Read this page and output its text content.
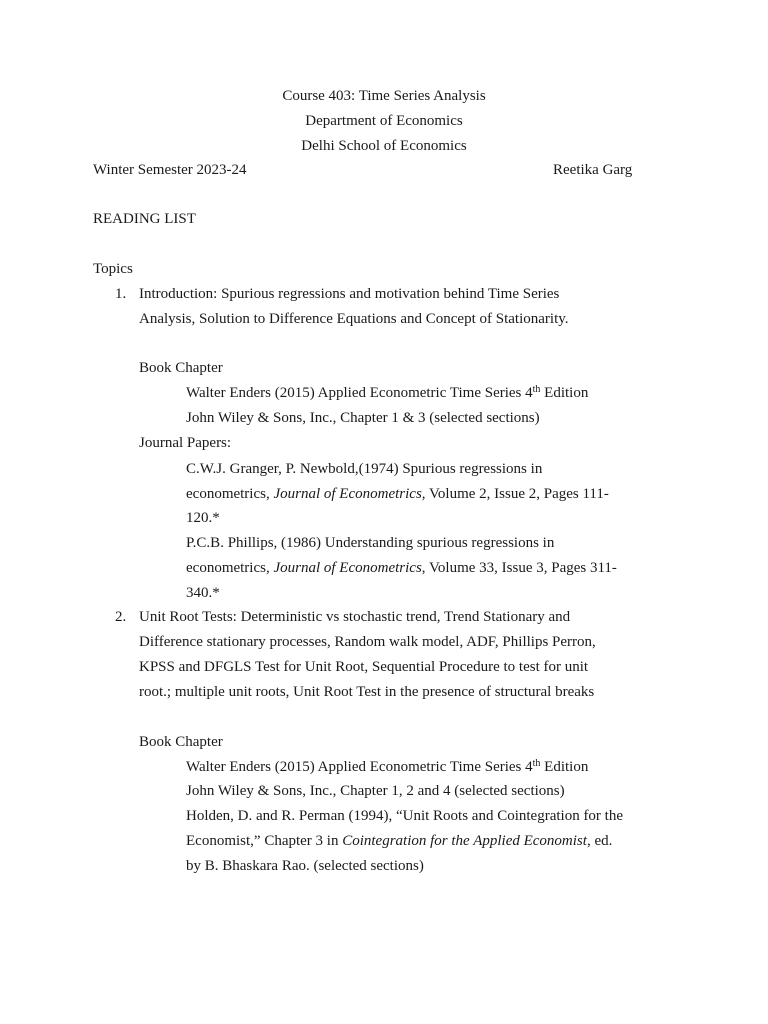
Course 403: Time Series Analysis
Department of Economics
Delhi School of Economics
Winter Semester 2023-24	Reetika Garg
READING LIST
Topics
1. Introduction: Spurious regressions and motivation behind Time Series
Analysis, Solution to Difference Equations and Concept of Stationarity.
Book Chapter
Walter Enders (2015) Applied Econometric Time Series 4th Edition
John Wiley & Sons, Inc., Chapter 1 & 3 (selected sections)
Journal Papers:
C.W.J. Granger, P. Newbold,(1974) Spurious regressions in
econometrics, Journal of Econometrics, Volume 2, Issue 2, Pages 111-
120.*
P.C.B. Phillips, (1986) Understanding spurious regressions in
econometrics, Journal of Econometrics, Volume 33, Issue 3, Pages 311-
340.*
2. Unit Root Tests: Deterministic vs stochastic trend, Trend Stationary and
Difference stationary processes, Random walk model, ADF, Phillips Perron,
KPSS and DFGLS Test for Unit Root, Sequential Procedure to test for unit
root.; multiple unit roots, Unit Root Test in the presence of structural breaks
Book Chapter
Walter Enders (2015) Applied Econometric Time Series 4th Edition
John Wiley & Sons, Inc., Chapter 1, 2 and 4 (selected sections)
Holden, D. and R. Perman (1994), “Unit Roots and Cointegration for the
Economist,” Chapter 3 in Cointegration for the Applied Economist, ed.
by B. Bhaskara Rao. (selected sections)
